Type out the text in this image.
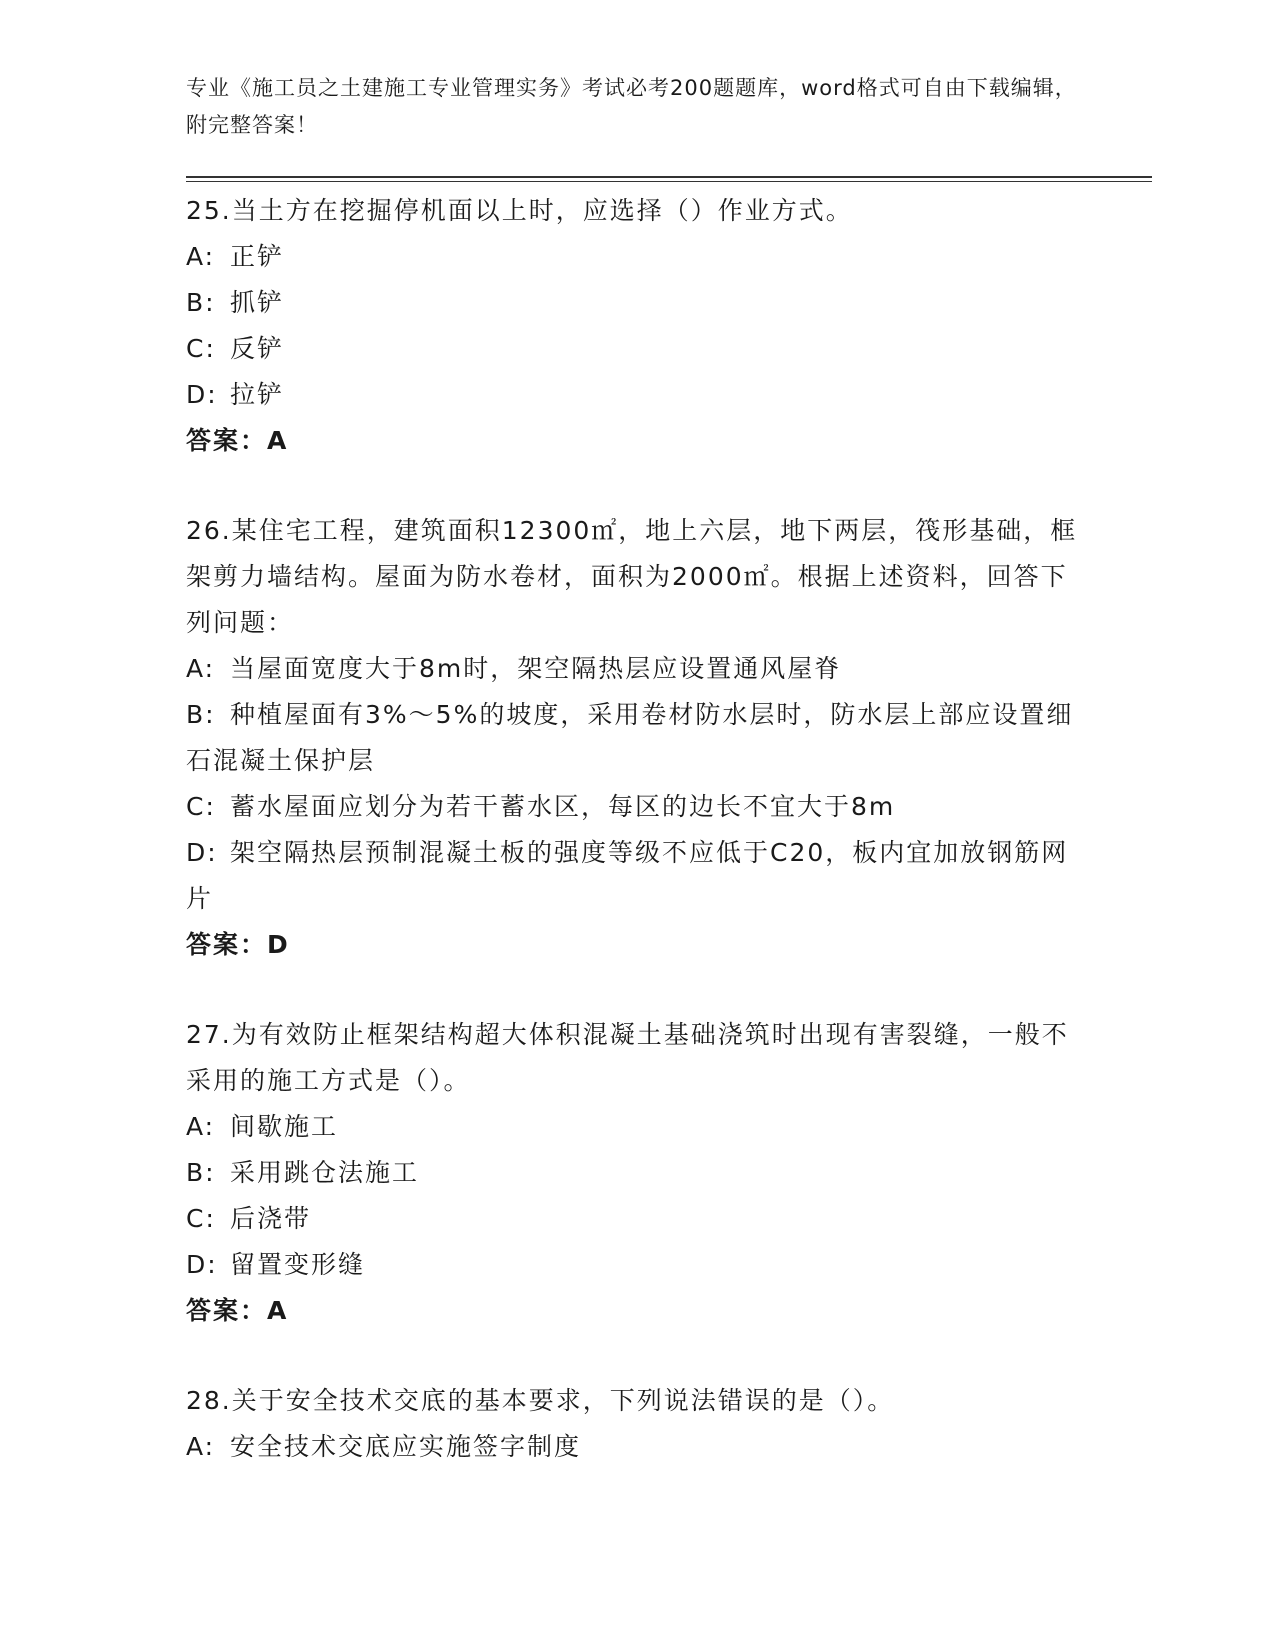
专业《施工员之土建施工专业管理实务》考试必考200题题库，word格式可自由下载编辑，附完整答案！
25.当土方在挖掘停机面以上时，应选择（）作业方式。
A: 正铲
B: 抓铲
C: 反铲
D: 拉铲
答案：A
26.某住宅工程，建筑面积12300㎡，地上六层，地下两层，筏形基础，框架剪力墙结构。屋面为防水卷材，面积为2000㎡。根据上述资料，回答下列问题：
A: 当屋面宽度大于8m时，架空隔热层应设置通风屋脊
B: 种植屋面有3%～5%的坡度，采用卷材防水层时，防水层上部应设置细石混凝土保护层
C: 蓄水屋面应划分为若干蓄水区，每区的边长不宜大于8m
D: 架空隔热层预制混凝土板的强度等级不应低于C20，板内宜加放钢筋网片
答案：D
27.为有效防止框架结构超大体积混凝土基础浇筑时出现有害裂缝，一般不采用的施工方式是（）。
A: 间歇施工
B: 采用跳仓法施工
C: 后浇带
D: 留置变形缝
答案：A
28.关于安全技术交底的基本要求，下列说法错误的是（）。
A: 安全技术交底应实施签字制度
